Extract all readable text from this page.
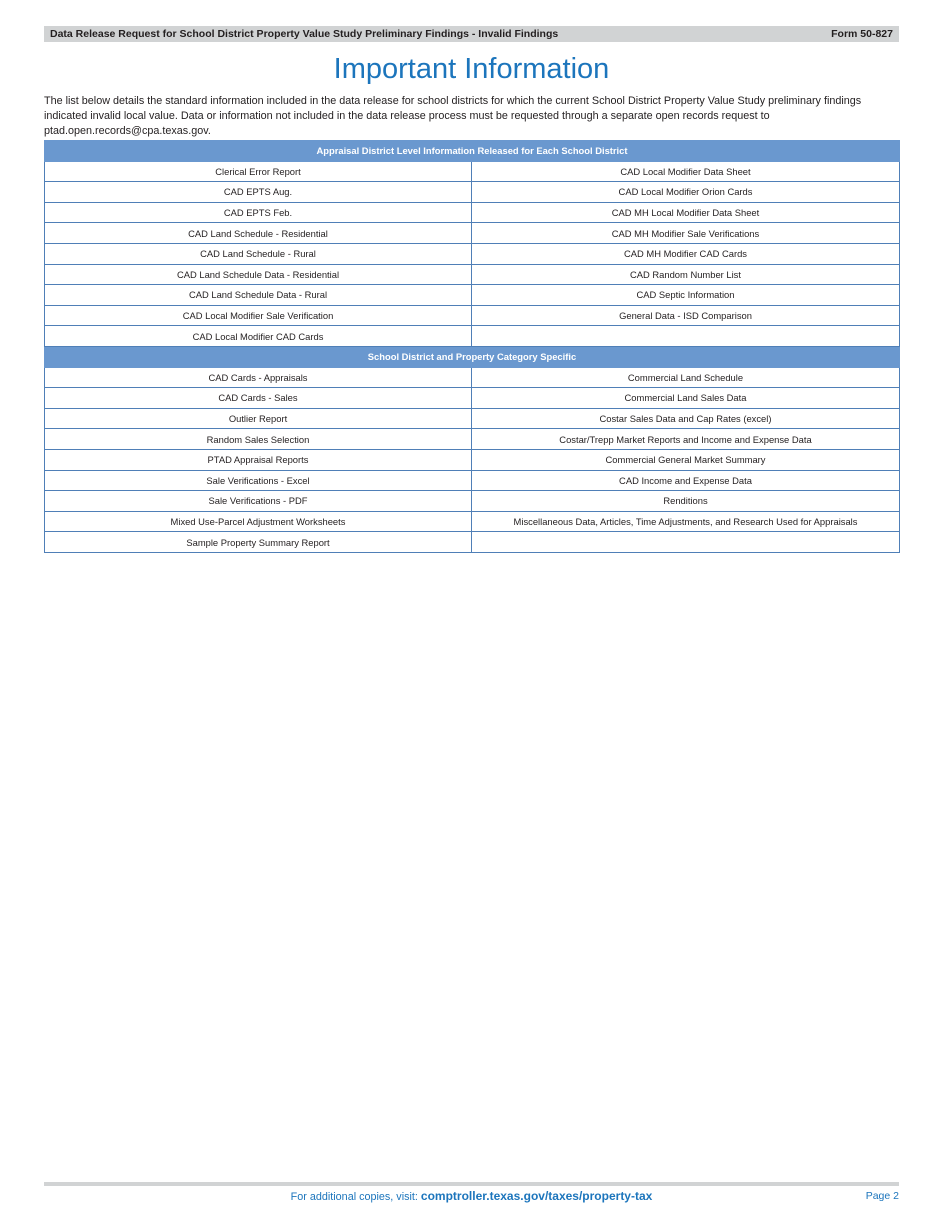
Data Release Request for School District Property Value Study Preliminary Findings - Invalid Findings	Form 50-827
Important Information

The list below details the standard information included in the data release for school districts for which the current School District Property Value Study preliminary findings indicated invalid local value. Data or information not included in the data release process must be requested through a separate open records request to ptad.open.records@cpa.texas.gov.

Appraisal District Level Information Released for Each School District	
Clerical Error Report	CAD Local Modifier Data Sheet
CAD EPTS Aug.	CAD Local Modifier Orion Cards
CAD EPTS Feb.	CAD MH Local Modifier Data Sheet
CAD Land Schedule - Residential	CAD MH Modifier Sale Verifications
CAD Land Schedule - Rural	CAD MH Modifier CAD Cards
CAD Land Schedule Data - Residential	CAD Random Number List
CAD Land Schedule Data - Rural	CAD Septic Information
CAD Local Modifier Sale Verification	General Data - ISD Comparison
CAD Local Modifier CAD Cards	
School District and Property Category Specific	
CAD Cards - Appraisals	Commercial Land Schedule
CAD Cards - Sales	Commercial Land Sales Data
Outlier Report	Costar Sales Data and Cap Rates (excel)
Random Sales Selection	Costar/Trepp Market Reports and Income and Expense Data
PTAD Appraisal Reports	Commercial General Market Summary
Sale Verifications - Excel	CAD Income and Expense Data
Sale Verifications - PDF	Renditions
Mixed Use-Parcel Adjustment Worksheets	Miscellaneous Data, Articles, Time Adjustments, and Research Used for Appraisals
Sample Property Summary Report	
For additional copies, visit: comptroller.texas.gov/taxes/property-tax	Page 2
